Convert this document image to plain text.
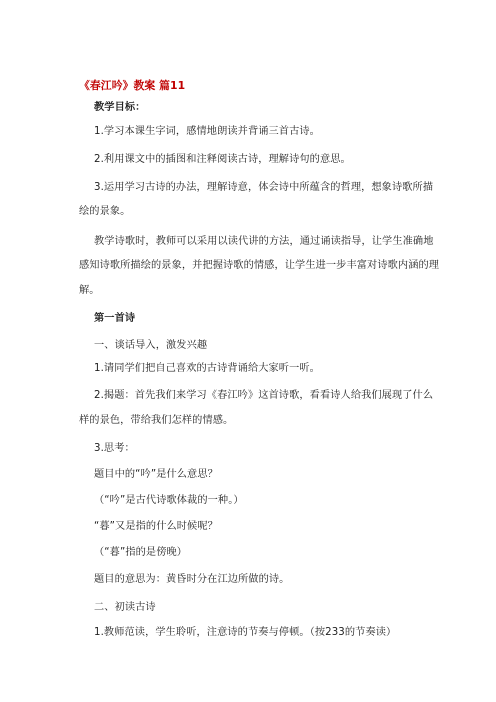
《春江吟》教案 篇11
教学目标：
1.学习本课生字词，感情地朗读并背诵三首古诗。
2.利用课文中的插图和注释阅读古诗，理解诗句的意思。
3.运用学习古诗的办法，理解诗意，体会诗中所蕴含的哲理，想象诗歌所描
绘的景象。
教学诗歌时，教师可以采用以读代讲的方法，通过诵读指导，让学生准确地
感知诗歌所描绘的景象，并把握诗歌的情感，让学生进一步丰富对诗歌内涵的理
解。
第一首诗
一、谈话导入，激发兴趣
1.请同学们把自己喜欢的古诗背诵给大家听一听。
2.揭题：首先我们来学习《春江吟》这首诗歌，看看诗人给我们展现了什么
样的景色，带给我们怎样的情感。
3.思考：
题目中的“吟”是什么意思？
（“吟”是古代诗歌体裁的一种。）
“暮”又是指的什么时候呢？
（“暮”指的是傍晚）
题目的意思为：黄昏时分在江边所做的诗。
二、初读古诗
1.教师范读，学生聆听，注意诗的节奏与停顿。（按233的节奏读）
